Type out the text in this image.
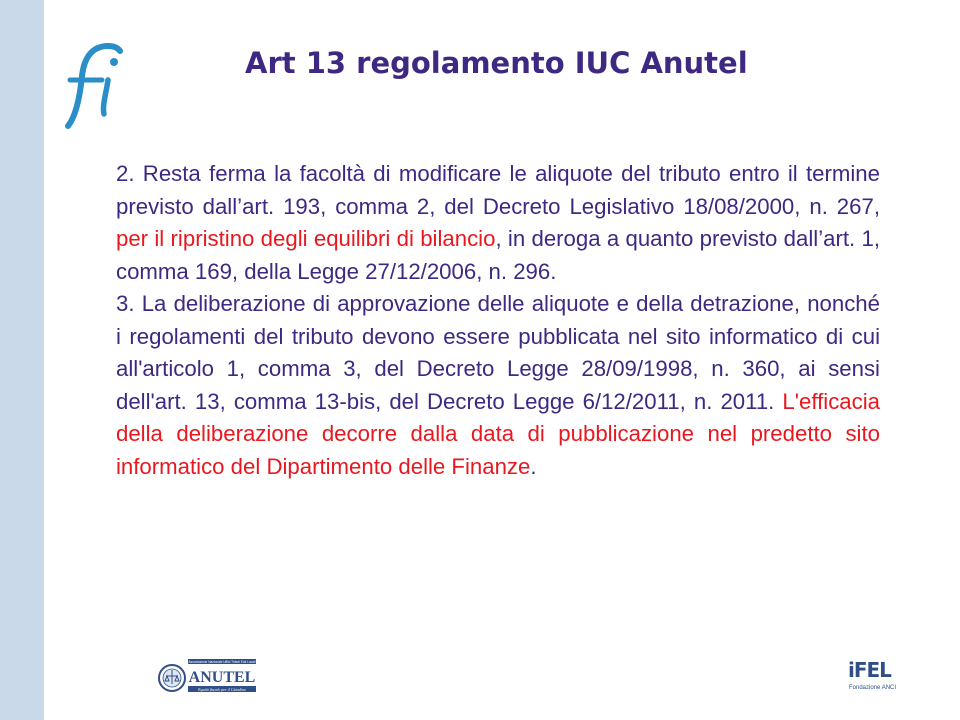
Art 13 regolamento IUC Anutel

2. Resta ferma la facoltà di modificare le aliquote del tributo entro il termine previsto dall’art. 193, comma 2, del Decreto Legislativo 18/08/2000, n. 267, per il ripristino degli equilibri di bilancio, in deroga a quanto previsto dall’art. 1, comma 169, della Legge 27/12/2006, n. 296.

3. La deliberazione di approvazione delle aliquote e della detrazione, nonché i regolamenti del tributo devono essere pubblicata nel sito informatico di cui all'articolo 1, comma 3, del Decreto Legge 28/09/1998, n. 360, ai sensi dell'art. 13, comma 13-bis, del Decreto Legge 6/12/2011, n. 2011. L'efficacia della deliberazione decorre dalla data di pubblicazione nel predetto sito informatico del Dipartimento delle Finanze.

Associazione Nazionale Uffici Tributi Enti Locali
ANUTEL
Equità fiscale per il Cittadino
iFEL
Fondazione ANCI
